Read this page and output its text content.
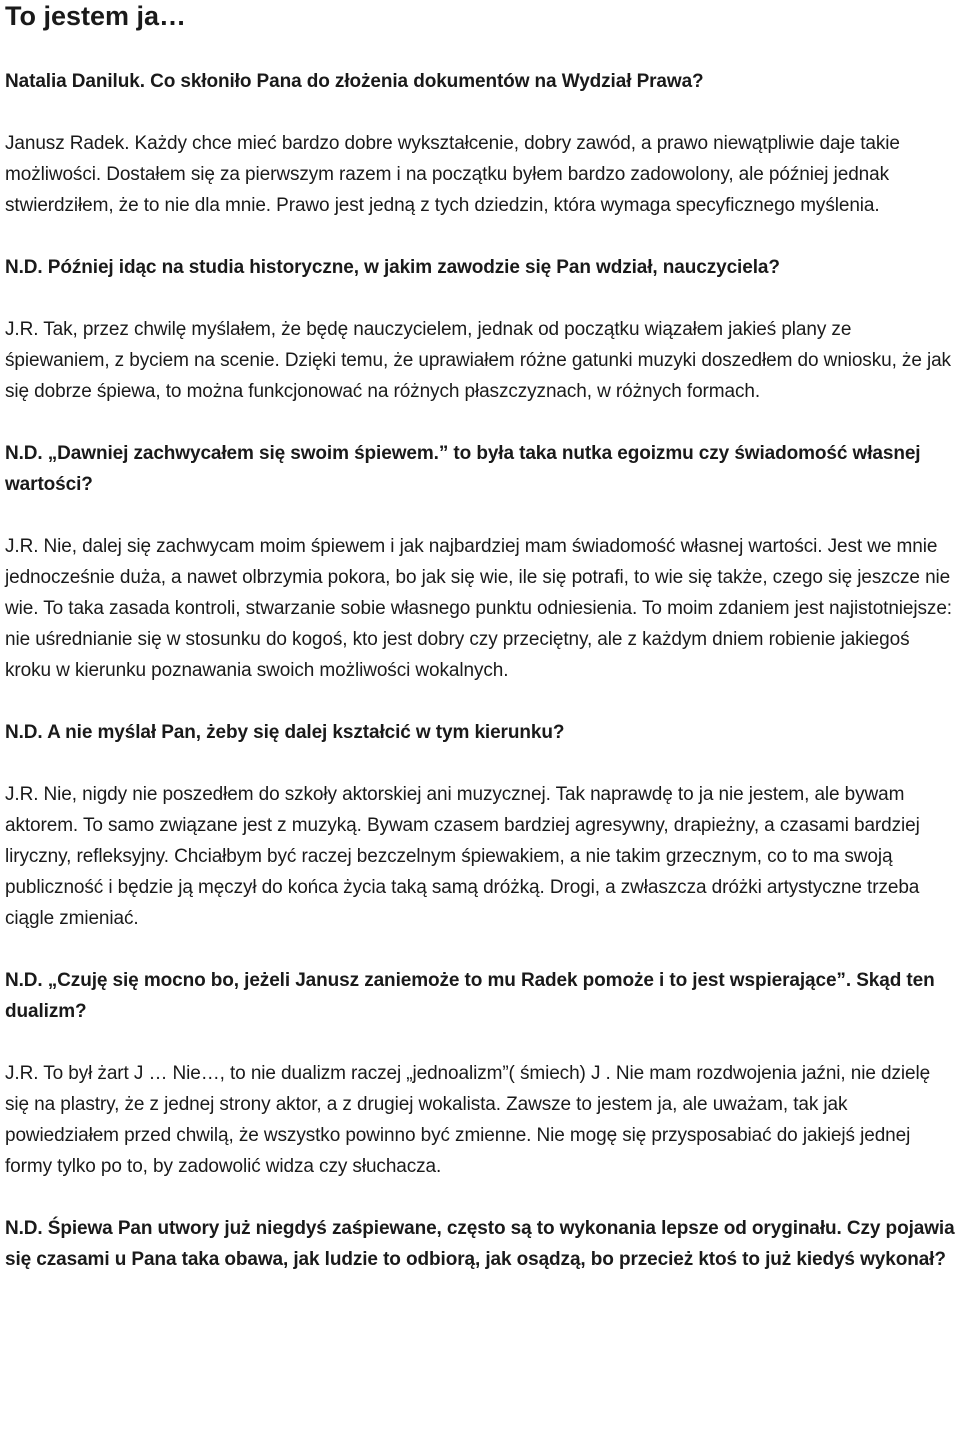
To jestem ja…

Natalia Daniluk. Co skłoniło Pana do złożenia dokumentów na Wydział Prawa?

Janusz Radek. Każdy chce mieć bardzo dobre wykształcenie, dobry zawód, a prawo niewątpliwie daje takie możliwości. Dostałem się za pierwszym razem i na początku byłem bardzo zadowolony, ale później jednak stwierdziłem, że to nie dla mnie. Prawo jest jedną z tych dziedzin, która wymaga specyficznego myślenia.

N.D. Później idąc na studia historyczne, w jakim zawodzie się Pan wdział, nauczyciela?

J.R. Tak, przez chwilę myślałem, że będę nauczycielem, jednak od początku wiązałem jakieś plany ze śpiewaniem, z byciem na scenie. Dzięki temu, że uprawiałem różne gatunki muzyki doszedłem do wniosku, że jak się dobrze śpiewa, to można funkcjonować na różnych płaszczyznach, w różnych formach.

N.D. „Dawniej zachwycałem się swoim śpiewem.” to była taka nutka egoizmu czy świadomość własnej wartości?

J.R. Nie, dalej się zachwycam moim śpiewem i jak najbardziej mam świadomość własnej wartości. Jest we mnie jednocześnie duża, a nawet olbrzymia pokora, bo jak się wie, ile się potrafi, to wie się także, czego się jeszcze nie wie. To taka zasada kontroli, stwarzanie sobie własnego punktu odniesienia. To moim zdaniem jest najistotniejsze: nie uśrednianie się w stosunku do kogoś, kto jest dobry czy przeciętny, ale z każdym dniem robienie jakiegoś kroku w kierunku poznawania swoich możliwości wokalnych.

N.D. A nie myślał Pan, żeby się dalej kształcić w tym kierunku?

J.R. Nie, nigdy nie poszedłem do szkoły aktorskiej ani muzycznej. Tak naprawdę to ja nie jestem, ale bywam aktorem. To samo związane jest z muzyką. Bywam czasem bardziej agresywny, drapieżny, a czasami bardziej liryczny, refleksyjny. Chciałbym być raczej bezczelnym śpiewakiem, a nie takim grzecznym, co to ma swoją publiczność i będzie ją męczył do końca życia taką samą dróżką. Drogi, a zwłaszcza dróżki artystyczne trzeba ciągle zmieniać.

N.D. „Czuję się mocno bo, jeżeli Janusz zaniemoże to mu Radek pomoże i to jest wspierające”. Skąd ten dualizm?

J.R. To był żart J … Nie…, to nie dualizm raczej „jednoalizm”( śmiech) J . Nie mam rozdwojenia jaźni, nie dzielę się na plastry, że z jednej strony aktor, a z drugiej wokalista. Zawsze to jestem ja, ale uważam, tak jak powiedziałem przed chwilą, że wszystko powinno być zmienne. Nie mogę się przysposabiać do jakiejś jednej formy tylko po to, by zadowolić widza czy słuchacza.

N.D. Śpiewa Pan utwory już niegdyś zaśpiewane, często są to wykonania lepsze od oryginału. Czy pojawia się czasami u Pana taka obawa, jak ludzie to odbiorą, jak osądzą, bo przecież ktoś to już kiedyś wykonał?
